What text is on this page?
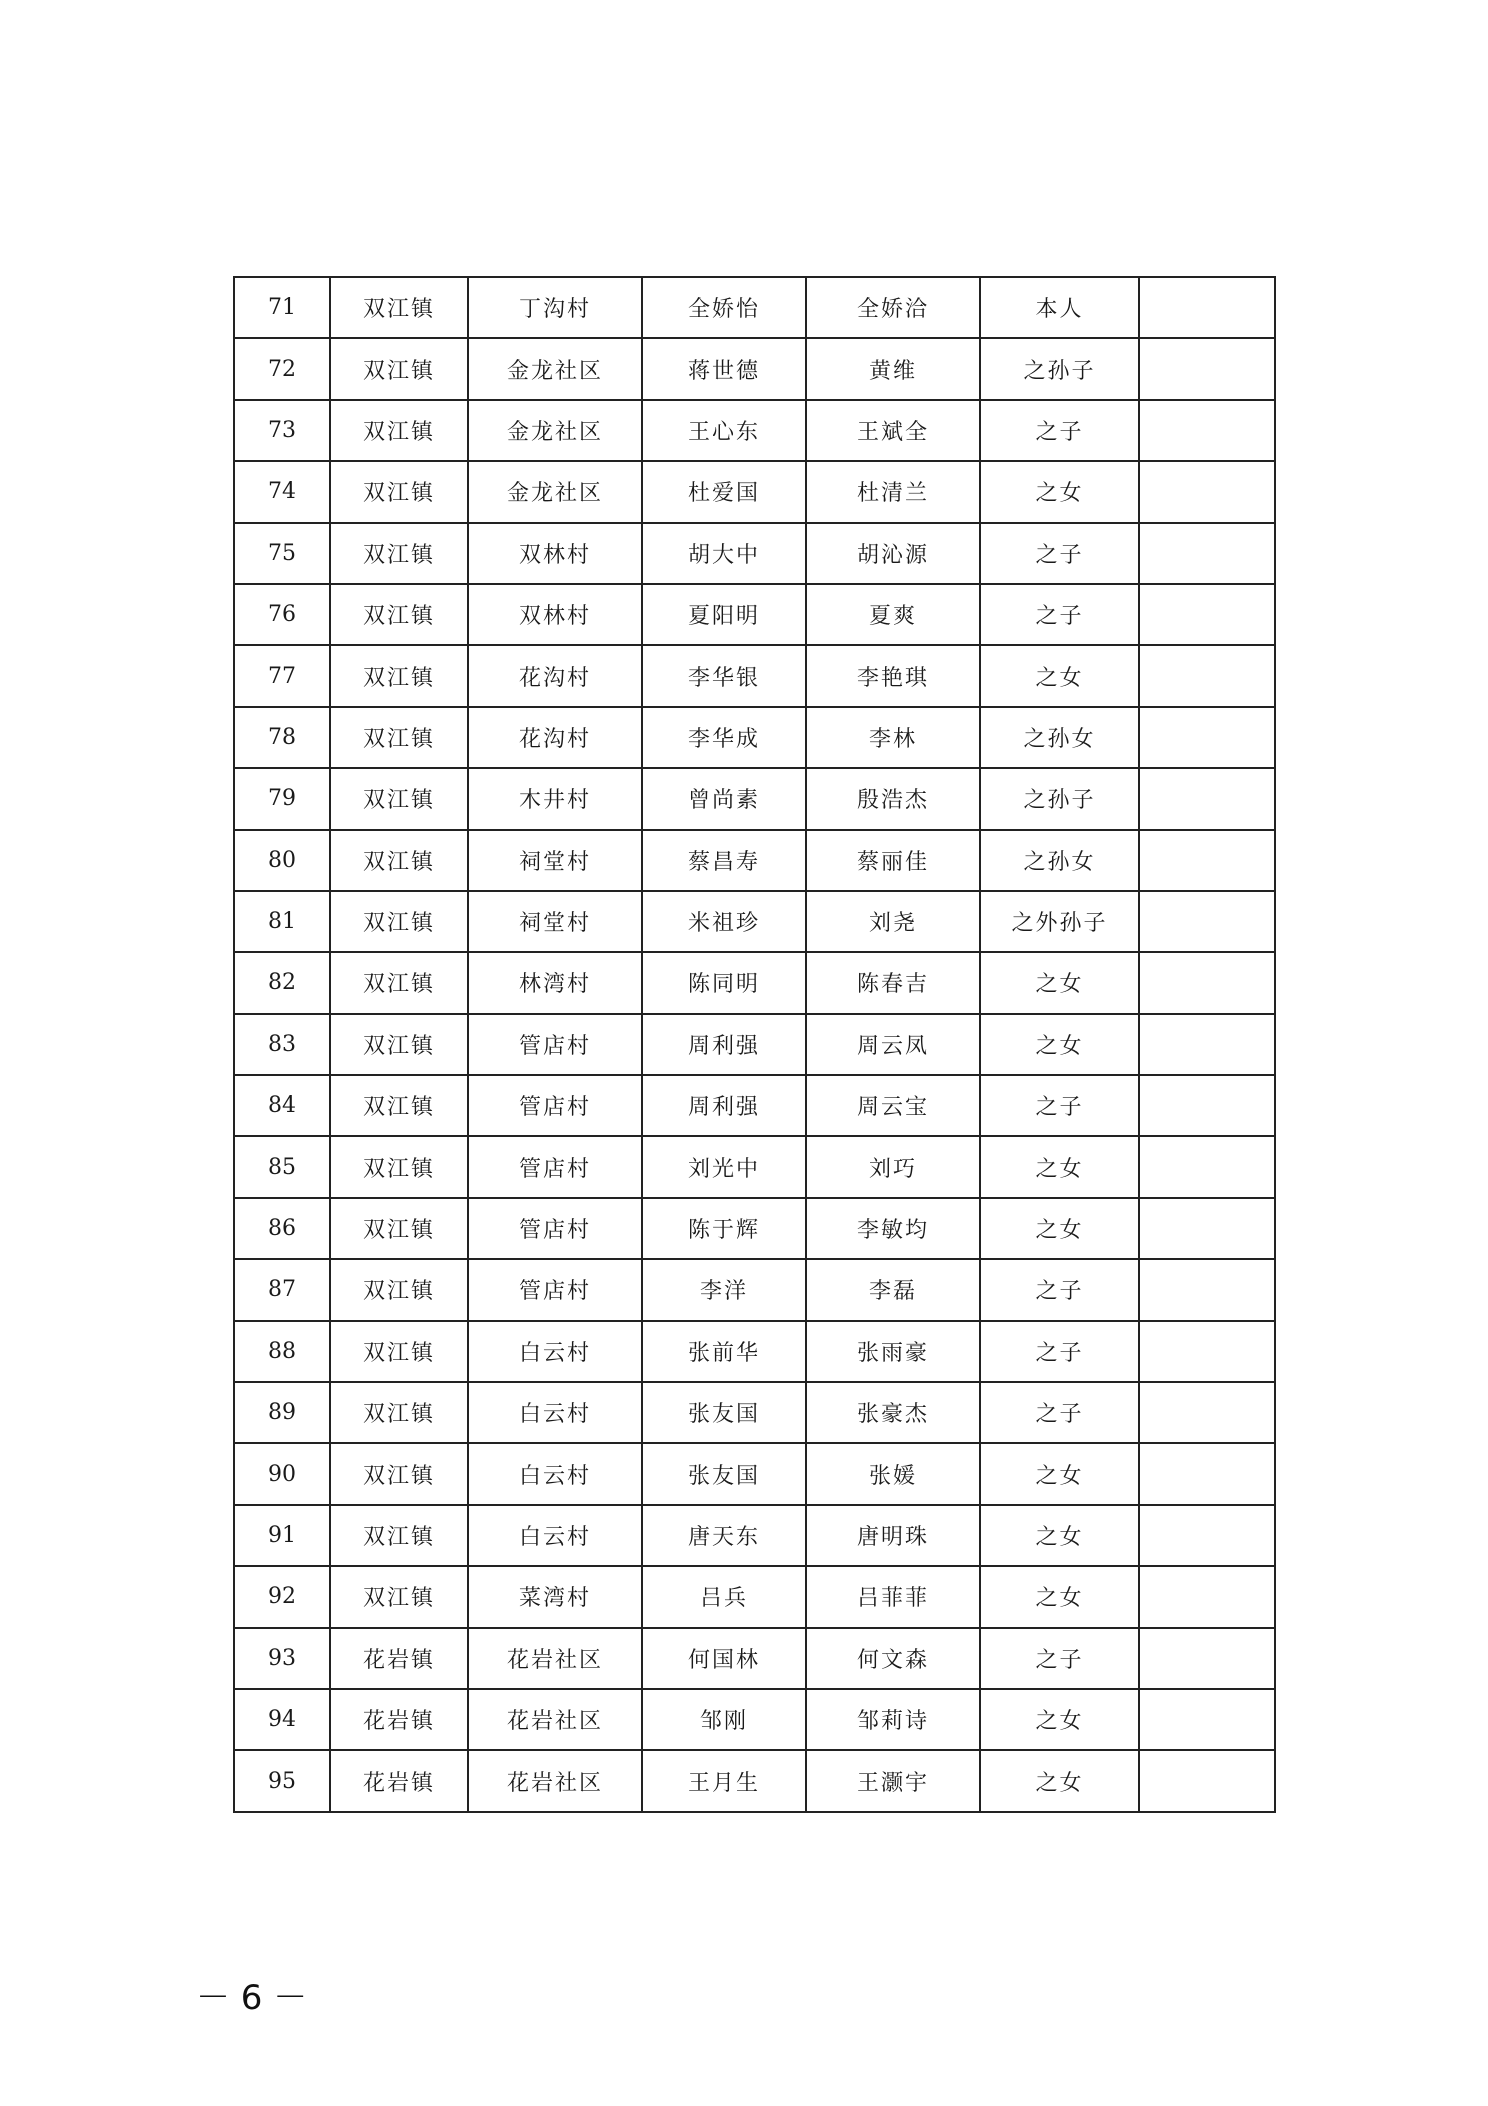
71	双江镇	丁沟村	全娇怡	全娇洽	本人	
72	双江镇	金龙社区	蒋世德	黄维	之孙子	
73	双江镇	金龙社区	王心东	王斌全	之子	
74	双江镇	金龙社区	杜爱国	杜清兰	之女	
75	双江镇	双林村	胡大中	胡沁源	之子	
76	双江镇	双林村	夏阳明	夏爽	之子	
77	双江镇	花沟村	李华银	李艳琪	之女	
78	双江镇	花沟村	李华成	李林	之孙女	
79	双江镇	木井村	曾尚素	殷浩杰	之孙子	
80	双江镇	祠堂村	蔡昌寿	蔡丽佳	之孙女	
81	双江镇	祠堂村	米祖珍	刘尧	之外孙子	
82	双江镇	林湾村	陈同明	陈春吉	之女	
83	双江镇	管店村	周利强	周云凤	之女	
84	双江镇	管店村	周利强	周云宝	之子	
85	双江镇	管店村	刘光中	刘巧	之女	
86	双江镇	管店村	陈于辉	李敏均	之女	
87	双江镇	管店村	李洋	李磊	之子	
88	双江镇	白云村	张前华	张雨豪	之子	
89	双江镇	白云村	张友国	张豪杰	之子	
90	双江镇	白云村	张友国	张媛	之女	
91	双江镇	白云村	唐天东	唐明珠	之女	
92	双江镇	菜湾村	吕兵	吕菲菲	之女	
93	花岩镇	花岩社区	何国林	何文森	之子	
94	花岩镇	花岩社区	邹刚	邹莉诗	之女	
95	花岩镇	花岩社区	王月生	王灏宇	之女	
－ 6 －
